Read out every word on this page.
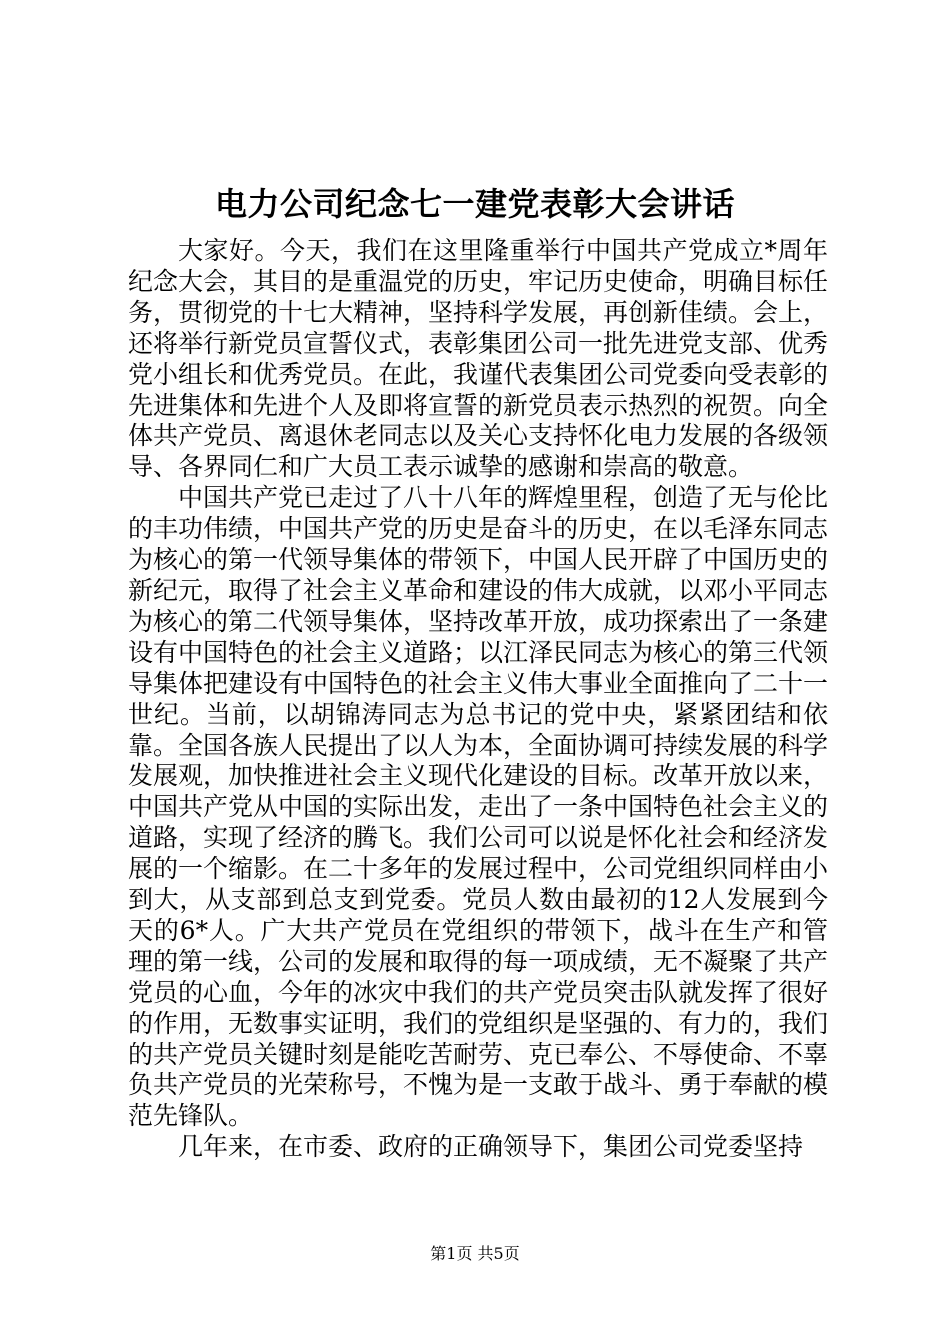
电力公司纪念七一建党表彰大会讲话

大家好。今天，我们在这里隆重举行中国共产党成立*周年纪念大会，其目的是重温党的历史，牢记历史使命，明确目标任务，贯彻党的十七大精神，坚持科学发展，再创新佳绩。会上，还将举行新党员宣誓仪式，表彰集团公司一批先进党支部、优秀党小组长和优秀党员。在此，我谨代表集团公司党委向受表彰的先进集体和先进个人及即将宣誓的新党员表示热烈的祝贺。向全体共产党员、离退休老同志以及关心支持怀化电力发展的各级领导、各界同仁和广大员工表示诚挚的感谢和崇高的敬意。

中国共产党已走过了八十八年的辉煌里程，创造了无与伦比的丰功伟绩，中国共产党的历史是奋斗的历史，在以毛泽东同志为核心的第一代领导集体的带领下，中国人民开辟了中国历史的新纪元，取得了社会主义革命和建设的伟大成就，以邓小平同志为核心的第二代领导集体，坚持改革开放，成功探索出了一条建设有中国特色的社会主义道路；以江泽民同志为核心的第三代领导集体把建设有中国特色的社会主义伟大事业全面推向了二十一世纪。当前，以胡锦涛同志为总书记的党中央，紧紧团结和依靠。全国各族人民提出了以人为本，全面协调可持续发展的科学发展观，加快推进社会主义现代化建设的目标。改革开放以来，中国共产党从中国的实际出发，走出了一条中国特色社会主义的道路，实现了经济的腾飞。我们公司可以说是怀化社会和经济发展的一个缩影。在二十多年的发展过程中，公司党组织同样由小到大，从支部到总支到党委。党员人数由最初的12人发展到今天的6*人。广大共产党员在党组织的带领下，战斗在生产和管理的第一线，公司的发展和取得的每一项成绩，无不凝聚了共产党员的心血，今年的冰灾中我们的共产党员突击队就发挥了很好的作用，无数事实证明，我们的党组织是坚强的、有力的，我们的共产党员关键时刻是能吃苦耐劳、克已奉公、不辱使命、不辜负共产党员的光荣称号，不愧为是一支敢于战斗、勇于奉献的模范先锋队。

几年来，在市委、政府的正确领导下，集团公司党委坚持

第1页 共5页
